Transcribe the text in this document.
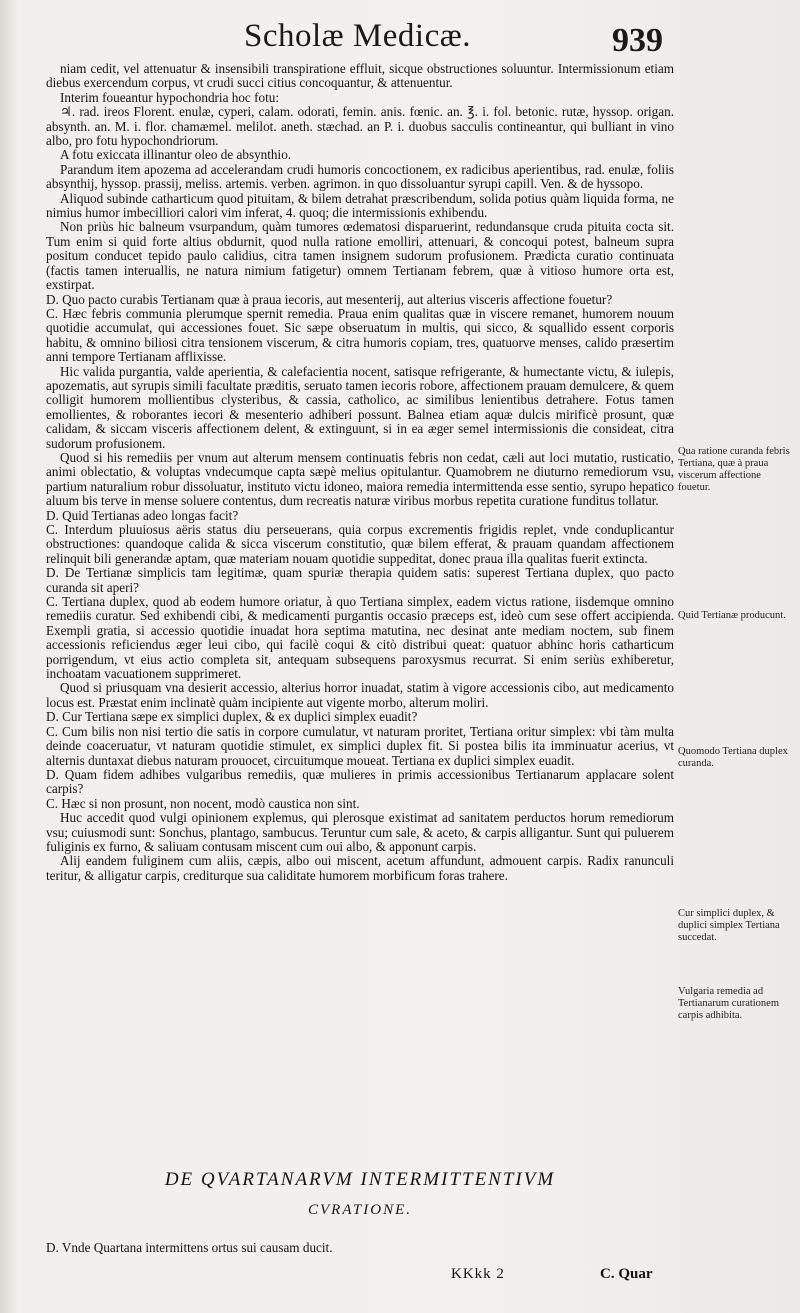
Scholæ Medicæ.	939

niam cedit, vel attenuatur & insensibili transpiratione effluit, sicque obstructiones soluuntur. Intermissionum etiam diebus exercendum corpus, vt crudi succi citius concoquantur, & attenuentur.

Interim foueantur hypochondria hoc fotu:

♃. rad. ireos Florent. enulæ, cyperi, calam. odorati, femin. anis. fœnic. an. ℥. i. fol. betonic. rutæ, hyssop. origan. absynth. an. M. i. flor. chamæmel. melilot. aneth. stæchad. an P. i. duobus sacculis contineantur, qui bulliant in vino albo, pro fotu hypochondriorum.

A fotu exiccata illinantur oleo de absynthio.

Parandum item apozema ad accelerandam crudi humoris concoctionem, ex radicibus aperientibus, rad. enulæ, foliis absynthij, hyssop. prassij, meliss. artemis. verben. agrimon. in quo dissoluantur syrupi capill. Ven. & de hyssopo.

Aliquod subinde catharticum quod pituitam, & bilem detrahat præscribendum, solida potius quàm liquida forma, ne nimius humor imbecilliori calori vim inferat, 4. quoq; die intermissionis exhibendu.

Non priùs hic balneum vsurpandum, quàm tumores œdematosi disparuerint, redundansque cruda pituita cocta sit. Tum enim si quid forte altius obdurnit, quod nulla ratione emolliri, attenuari, & concoqui potest, balneum supra positum conducet tepido paulo calidius, citra tamen insignem sudorum profusionem. Prædicta curatio continuata (factis tamen interuallis, ne natura nimium fatigetur) omnem Tertianam febrem, quæ à vitioso humore orta est, exstirpat.

D. Quo pacto curabis Tertianam quæ à praua iecoris, aut mesenterij, aut alterius visceris affectione fouetur?

C. Hæc febris communia plerumque spernit remedia. Praua enim qualitas quæ in viscere remanet, humorem nouum quotidie accumulat, qui accessiones fouet. Sic sæpe obseruatum in multis, qui sicco, & squallido essent corporis habitu, & omnino biliosi citra tensionem viscerum, & citra humoris copiam, tres, quatuorve menses, calido præsertim anni tempore Tertianam afflixisse.

Hic valida purgantia, valde aperientia, & calefacientia nocent, satisque refrigerante, & humectante victu, & iulepis, apozematis, aut syrupis simili facultate præditis, seruato tamen iecoris robore, affectionem prauam demulcere, & quem colligit humorem mollientibus clysteribus, & cassia, catholico, ac similibus lenientibus detrahere. Fotus tamen emollientes, & roborantes iecori & mesenterio adhiberi possunt. Balnea etiam aquæ dulcis mirificè prosunt, quæ calidam, & siccam visceris affectionem delent, & extinguunt, si in ea æger semel intermissionis die consideat, citra sudorum profusionem.

Quod si his remediis per vnum aut alterum mensem continuatis febris non cedat, cæli aut loci mutatio, rusticatio, animi oblectatio, & voluptas vndecumque capta sæpè melius opitulantur. Quamobrem ne diuturno remediorum vsu, partium naturalium robur dissoluatur, instituto victu idoneo, maiora remedia intermittenda esse sentio, syrupo hepatico aluum bis terve in mense soluere contentus, dum recreatis naturæ viribus morbus repetita curatione funditus tollatur.

D. Quid Tertianas adeo longas facit?

C. Interdum pluuiosus aëris status diu perseuerans, quia corpus excrementis frigidis replet, vnde conduplicantur obstructiones: quandoque calida & sicca viscerum constitutio, quæ bilem efferat, & prauam quandam affectionem relinquit bili generandæ aptam, quæ materiam nouam quotidie suppeditat, donec praua illa qualitas fuerit extincta.

D. De Tertianæ simplicis tam legitimæ, quam spuriæ therapia quidem satis: superest Tertiana duplex, quo pacto curanda sit aperi?

C. Tertiana duplex, quod ab eodem humore oriatur, à quo Tertiana simplex, eadem victus ratione, iisdemque omnino remediis curatur. Sed exhibendi cibi, & medicamenti purgantis occasio præceps est, ideò cum sese offert accipienda. Exempli gratia, si accessio quotidie inuadat hora septima matutina, nec desinat ante mediam noctem, sub finem accessionis reficiendus æger leui cibo, qui facilè coqui & citò distribui queat: quatuor abhinc horis catharticum porrigendum, vt eius actio completa sit, antequam subsequens paroxysmus recurrat. Si enim seriùs exhiberetur, inchoatam vacuationem supprimeret.

Quod si priusquam vna desierit accessio, alterius horror inuadat, statim à vigore accessionis cibo, aut medicamento locus est. Præstat enim inclinatè quàm incipiente aut vigente morbo, alterum moliri.

D. Cur Tertiana sæpe ex simplici duplex, & ex duplici simplex euadit?

C. Cum bilis non nisi tertio die satis in corpore cumulatur, vt naturam proritet, Tertiana oritur simplex: vbi tàm multa deinde coaceruatur, vt naturam quotidie stimulet, ex simplici duplex fit. Si postea bilis ita imminuatur acerius, vt alternis duntaxat diebus naturam prouocet, circuitumque moueat. Tertiana ex duplici simplex euadit.

D. Quam fidem adhibes vulgaribus remediis, quæ mulieres in primis accessionibus Tertianarum applacare solent carpis?

C. Hæc si non prosunt, non nocent, modò caustica non sint.

Huc accedit quod vulgi opinionem explemus, qui plerosque existimat ad sanitatem perductos horum remediorum vsu; cuiusmodi sunt: Sonchus, plantago, sambucus. Teruntur cum sale, & aceto, & carpis alligantur. Sunt qui puluerem fuliginis ex furno, & saliuam contusam miscent cum oui albo, & apponunt carpis.

Alij eandem fuliginem cum aliis, cæpis, albo oui miscent, acetum affundunt, admouent carpis. Radix ranunculi teritur, & alligatur carpis, crediturque sua caliditate humorem morbificum foras trahere.

DE QVARTANARVM INTERMITTENTIVM
CVRATIONE.
D. Vnde Quartana intermittens ortus sui causam ducit.
KKkk 2	C. Quar
Qua ratione curanda febris Tertiana, quæ à praua viscerum affectione fouetur.
Quid Tertianæ producunt.
Quomodo Tertiana duplex curanda.
Cur simplici duplex, & duplici simplex Tertiana succedat.
Vulgaria remedia ad Tertianarum curationem carpis adhibita.
